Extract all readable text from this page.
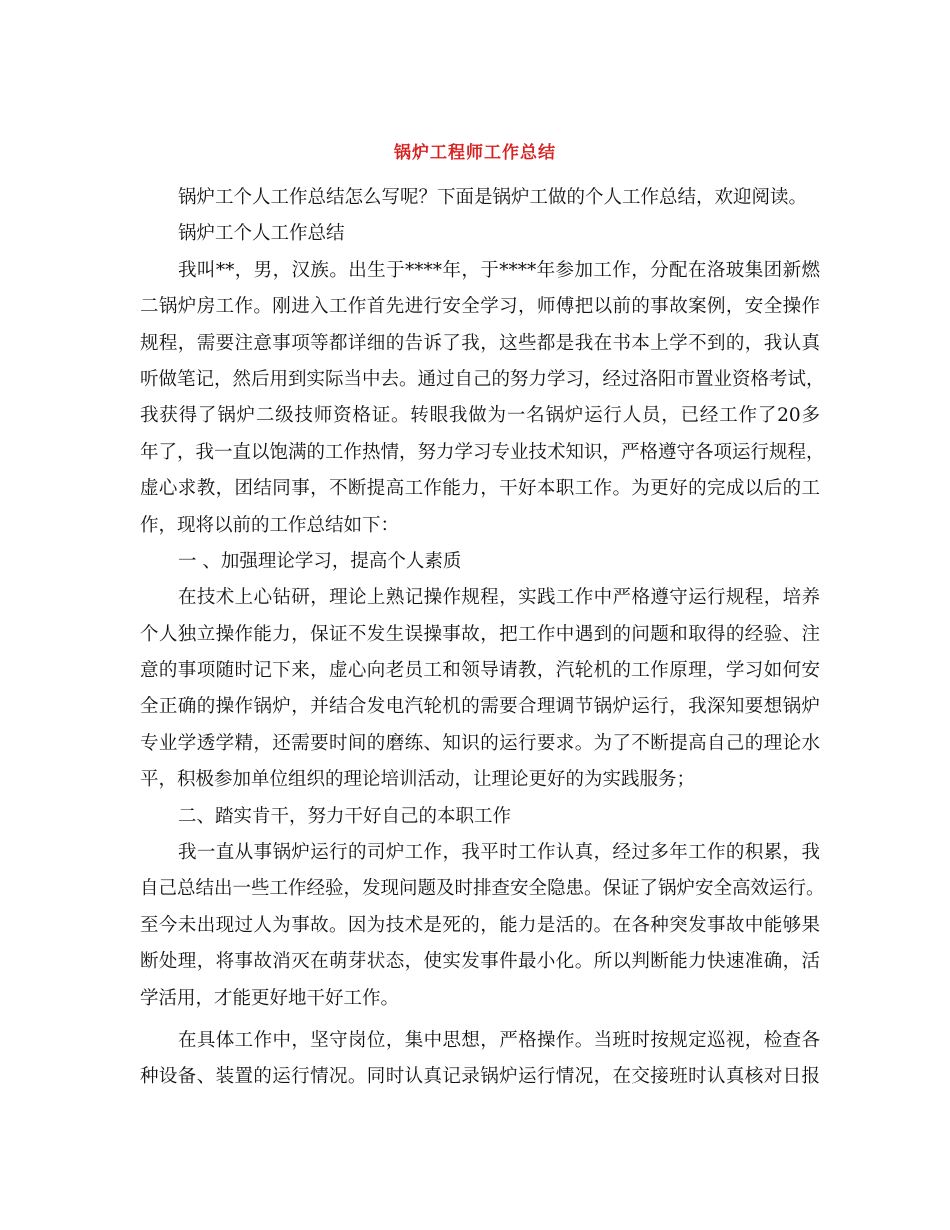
锅炉工程师工作总结
锅炉工个人工作总结怎么写呢？下面是锅炉工做的个人工作总结，欢迎阅读。
锅炉工个人工作总结
我叫**，男，汉族。出生于****年，于****年参加工作，分配在洛玻集团新燃
二锅炉房工作。刚进入工作首先进行安全学习，师傅把以前的事故案例，安全操作
规程，需要注意事项等都详细的告诉了我，这些都是我在书本上学不到的，我认真
听做笔记，然后用到实际当中去。通过自己的努力学习，经过洛阳市置业资格考试，
我获得了锅炉二级技师资格证。转眼我做为一名锅炉运行人员，已经工作了20多
年了，我一直以饱满的工作热情，努力学习专业技术知识，严格遵守各项运行规程，
虚心求教，团结同事，不断提高工作能力，干好本职工作。为更好的完成以后的工
作，现将以前的工作总结如下：
一 、加强理论学习，提高个人素质
在技术上心钻研，理论上熟记操作规程，实践工作中严格遵守运行规程，培养
个人独立操作能力，保证不发生误操事故，把工作中遇到的问题和取得的经验、注
意的事项随时记下来，虚心向老员工和领导请教，汽轮机的工作原理，学习如何安
全正确的操作锅炉，并结合发电汽轮机的需要合理调节锅炉运行，我深知要想锅炉
专业学透学精，还需要时间的磨练、知识的运行要求。为了不断提高自己的理论水
平，积极参加单位组织的理论培训活动，让理论更好的为实践服务；
二、踏实肯干，努力干好自己的本职工作
我一直从事锅炉运行的司炉工作，我平时工作认真，经过多年工作的积累，我
自己总结出一些工作经验，发现问题及时排查安全隐患。保证了锅炉安全高效运行。
至今未出现过人为事故。因为技术是死的，能力是活的。在各种突发事故中能够果
断处理，将事故消灭在萌芽状态，使实发事件最小化。所以判断能力快速准确，活
学活用，才能更好地干好工作。
在具体工作中，坚守岗位，集中思想，严格操作。当班时按规定巡视，检查各
种设备、装置的运行情况。同时认真记录锅炉运行情况，在交接班时认真核对日报
